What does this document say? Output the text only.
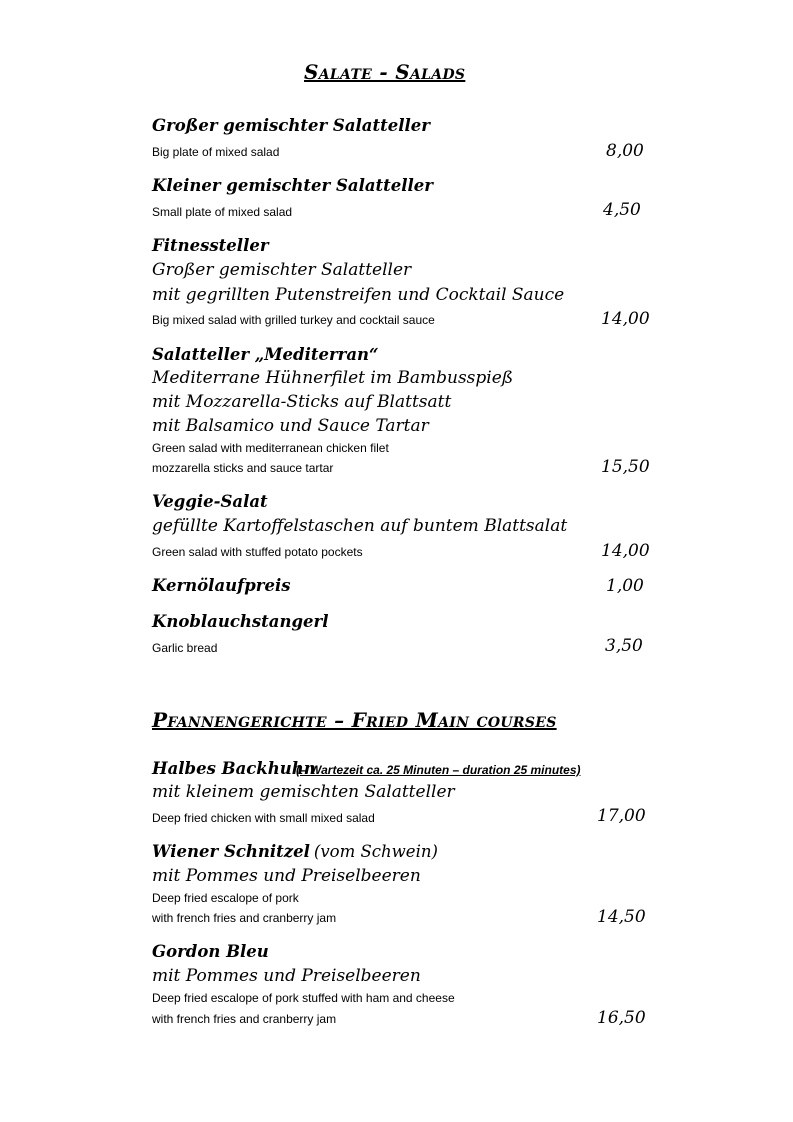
Salate - Salads
Großer gemischter Salatteller
Big plate of mixed salad	8,00
Kleiner gemischter Salatteller
Small plate of mixed salad	4,50
Fitnessteller
Großer gemischter Salatteller
mit gegrillten Putenstreifen und Cocktail Sauce
Big mixed salad with grilled turkey and cocktail sauce	14,00
Salatteller „Mediterran“
Mediterrane Hühnerfilet im Bambusspieß
mit Mozzarella-Sticks auf Blattsatt
mit Balsamico und Sauce Tartar
Green salad with mediterranean chicken filet
mozzarella sticks and sauce tartar	15,50
Veggie-Salat
gefüllte Kartoffelstaschen auf buntem Blattsalat
Green salad with stuffed potato pockets	14,00
Kernölaufpreis	1,00
Knoblauchstangerl
Garlic bread	3,50
Pfannengerichte – Fried Main courses
Halbes Backhuhn
(– Wartezeit ca. 25 Minuten – duration 25 minutes)
mit kleinem gemischten Salatteller
Deep fried chicken with small mixed salad	17,00
Wiener Schnitzel (vom Schwein)
mit Pommes und Preiselbeeren
Deep fried escalope of pork
with french fries and cranberry jam	14,50
Gordon Bleu
mit Pommes und Preiselbeeren
Deep fried escalope of pork stuffed with ham and cheese
with french fries and cranberry jam	16,50
